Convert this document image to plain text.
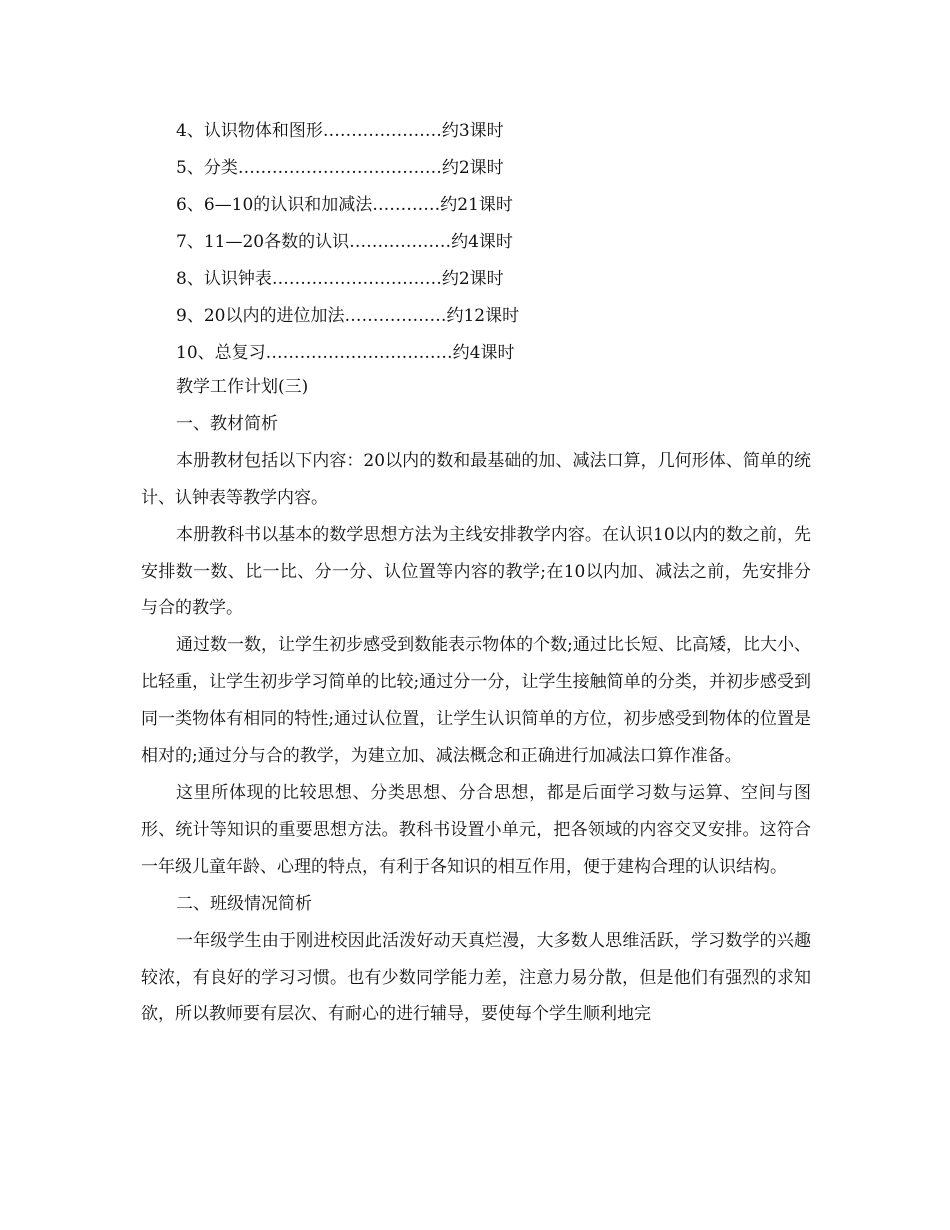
4、认识物体和图形…………………约3课时
5、分类………………………………约2课时
6、6—10的认识和加减法…………约21课时
7、11—20各数的认识………………约4课时
8、认识钟表…………………………约2课时
9、20以内的进位加法………………约12课时
10、总复习……………………………约4课时

教学工作计划(三)

一、教材简析

本册教材包括以下内容：20以内的数和最基础的加、减法口算，几何形体、简单的统计、认钟表等教学内容。

本册教科书以基本的数学思想方法为主线安排教学内容。在认识10以内的数之前，先安排数一数、比一比、分一分、认位置等内容的教学;在10以内加、减法之前，先安排分与合的教学。

通过数一数，让学生初步感受到数能表示物体的个数;通过比长短、比高矮，比大小、比轻重，让学生初步学习简单的比较;通过分一分，让学生接触简单的分类，并初步感受到同一类物体有相同的特性;通过认位置，让学生认识简单的方位，初步感受到物体的位置是相对的;通过分与合的教学，为建立加、减法概念和正确进行加减法口算作准备。

这里所体现的比较思想、分类思想、分合思想，都是后面学习数与运算、空间与图形、统计等知识的重要思想方法。教科书设置小单元，把各领域的内容交叉安排。这符合一年级儿童年龄、心理的特点，有利于各知识的相互作用，便于建构合理的认识结构。

二、班级情况简析

一年级学生由于刚进校因此活泼好动天真烂漫，大多数人思维活跃，学习数学的兴趣较浓，有良好的学习习惯。也有少数同学能力差，注意力易分散，但是他们有强烈的求知欲，所以教师要有层次、有耐心的进行辅导，要使每个学生顺利地完
